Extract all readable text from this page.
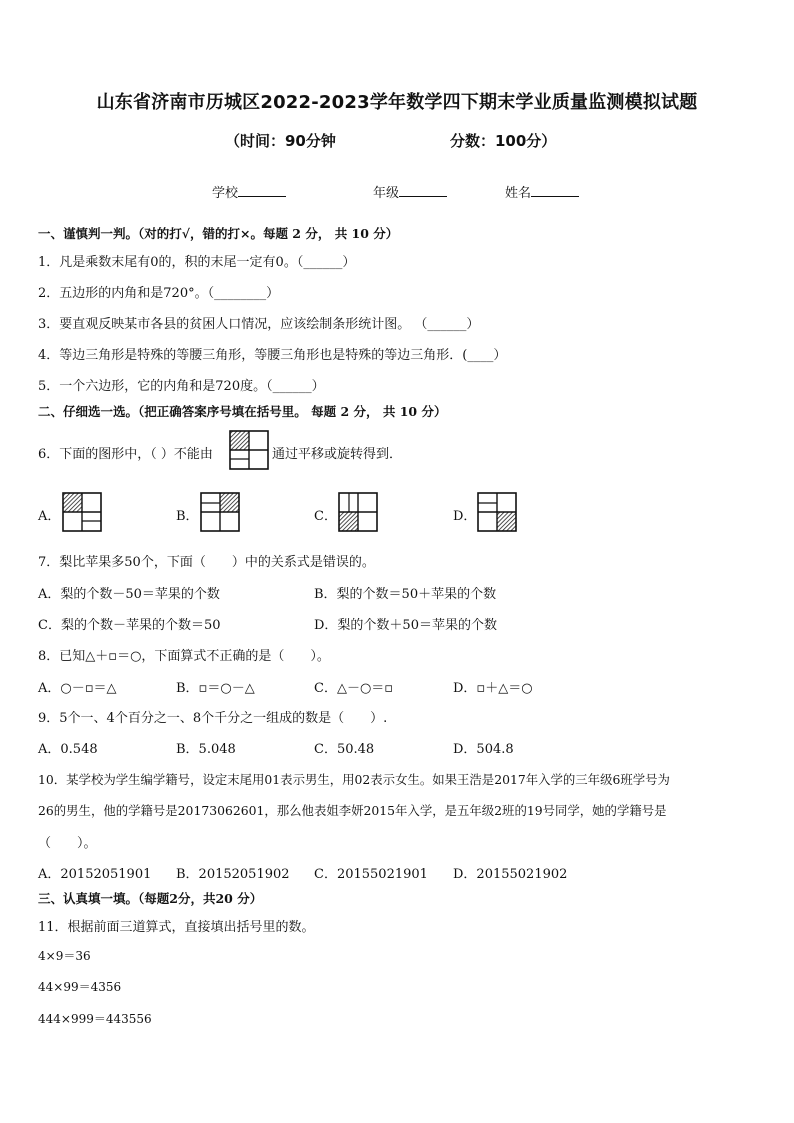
山东省济南市历城区2022-2023学年数学四下期末学业质量监测模拟试题
（时间：90分钟	分数：100分）
学校	年级	姓名
一、谨慎判一判。（对的打√，错的打×。每题 2 分， 共 10 分）
1．凡是乘数末尾有0的，积的末尾一定有0。（______）
2．五边形的内角和是720°。（________）
3．要直观反映某市各县的贫困人口情况，应该绘制条形统计图。 （______）
4．等边三角形是特殊的等腰三角形，等腰三角形也是特殊的等边三角形．(____）
5．一个六边形，它的内角和是720度。（______）
二、仔细选一选。（把正确答案序号填在括号里。 每题 2 分， 共 10 分）
6．下面的图形中，（ ）不能由	通过平移或旋转得到．
A．	B．	C．	D．
7．梨比苹果多50个，下面（　　）中的关系式是错误的。
A．梨的个数－50＝苹果的个数	B．梨的个数＝50＋苹果的个数
C．梨的个数－苹果的个数＝50	D．梨的个数＋50＝苹果的个数
8．已知△＋▫＝○，下面算式不正确的是（　　）。
A．○－▫＝△	B．▫＝○－△	C．△－○＝▫	D．▫＋△＝○
9．5个一、4个百分之一、8个千分之一组成的数是（　　）.
A．0.548	B．5.048	C．50.48	D．504.8
10．某学校为学生编学籍号，设定末尾用01表示男生，用02表示女生。如果王浩是2017年入学的三年级6班学号为
26的男生，他的学籍号是20173062601，那么他表姐李妍2015年入学，是五年级2班的19号同学，她的学籍号是
（　　）。
A．20152051901 B．20152051902 C．20155021901 D．20155021902
三、认真填一填。（每题2分，共20 分）
11．根据前面三道算式，直接填出括号里的数。
4×9＝36
44×99＝4356
444×999＝443556
